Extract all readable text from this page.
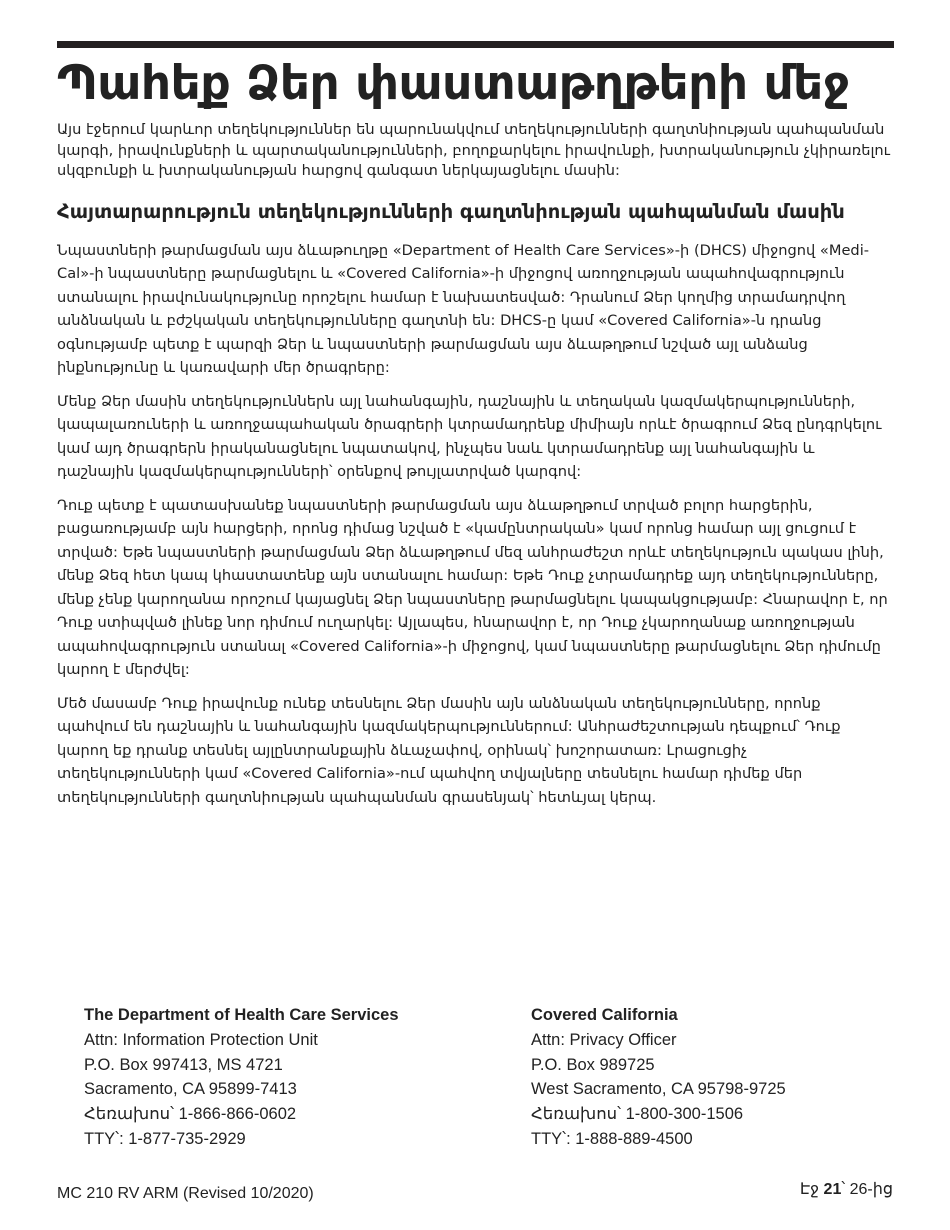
Պահեք Ձեր փաստաթղթերի մեջ

Այս էջերում կարևոր տեղեկություններ են պարունակվում տեղեկությունների գաղտնիության պահպանման կարգի, իրավունքների և պարտականությունների, բողոքարկելու իրավունքի, խտրականություն չկիրառելու սկզբունքի և խտրականության հարցով գանգատ ներկայացնելու մասին:

Հայտարարություն տեղեկությունների գաղտնիության պահպանման մասին

Նպաստների թարմացման այս ձևաթուղթը «Department of Health Care Services»-ի (DHCS) միջոցով «Medi-Cal»-ի նպաստները թարմացնելու և «Covered California»-ի միջոցով առողջության ապահովագրություն ստանալու իրավունակությունը որոշելու համար է նախատեսված: Դրանում Ձեր կողմից տրամադրվող անձնական և բժշկական տեղեկությունները գաղտնի են: DHCS-ը կամ «Covered California»-ն դրանց օգնությամբ պետք է պարզի Ձեր և նպաստների թարմացման այս ձևաթղթում նշված այլ անձանց ինքնությունը և կառավարի մեր ծրագրերը:

Մենք Ձեր մասին տեղեկություններն այլ նահանգային, դաշնային և տեղական կազմակերպությունների, կապալառուների և առողջապահական ծրագրերի կտրամադրենք միմիայն որևէ ծրագրում Ձեզ ընդգրկելու կամ այդ ծրագրերն իրականացնելու նպատակով, ինչպես նաև կտրամադրենք այլ նահանգային և դաշնային կազմակերպությունների՝ օրենքով թույլատրված կարգով:

Դուք պետք է պատասխանեք նպաստների թարմացման այս ձևաթղթում տրված բոլոր հարցերին, բացառությամբ այն հարցերի, որոնց դիմաց նշված է «կամընտրական» կամ որոնց համար այլ ցուցում է տրված: Եթե նպաստների թարմացման Ձեր ձևաթղթում մեզ անհրաժեշտ որևէ տեղեկություն պակաս լինի, մենք Ձեզ հետ կապ կհաստատենք այն ստանալու համար: Եթե Դուք չտրամադրեք այդ տեղեկությունները, մենք չենք կարողանա որոշում կայացնել Ձեր նպաստները թարմացնելու կապակցությամբ: Հնարավոր է, որ Դուք ստիպված լինեք նոր դիմում ուղարկել: Այլապես, հնարավոր է, որ Դուք չկարողանաք առողջության ապահովագրություն ստանալ «Covered California»-ի միջոցով, կամ նպաստները թարմացնելու Ձեր դիմումը կարող է մերժվել:

Մեծ մասամբ Դուք իրավունք ունեք տեսնելու Ձեր մասին այն անձնական տեղեկությունները, որոնք պահվում են դաշնային և նահանգային կազմակերպություններում: Անհրաժեշտության դեպքում՝ Դուք կարող եք դրանք տեսնել այլընտրանքային ձևաչափով, օրինակ՝ խոշորատառ: Լրացուցիչ տեղեկությունների կամ «Covered California»-ում պահվող տվյալները տեսնելու համար դիմեք մեր տեղեկությունների գաղտնիության պահպանման գրասենյակ՝ հետևյալ կերպ.

The Department of Health Care Services
Attn: Information Protection Unit
P.O. Box 997413, MS 4721
Sacramento, CA 95899-7413
Հեռախոս՝ 1-866-866-0602
TTY՝: 1-877-735-2929
Covered California
Attn: Privacy Officer
P.O. Box 989725
West Sacramento, CA 95798-9725
Հեռախոս՝ 1-800-300-1506
TTY՝: 1-888-889-4500
MC 210 RV ARM (Revised 10/2020)	Էջ 21՝ 26-ից
